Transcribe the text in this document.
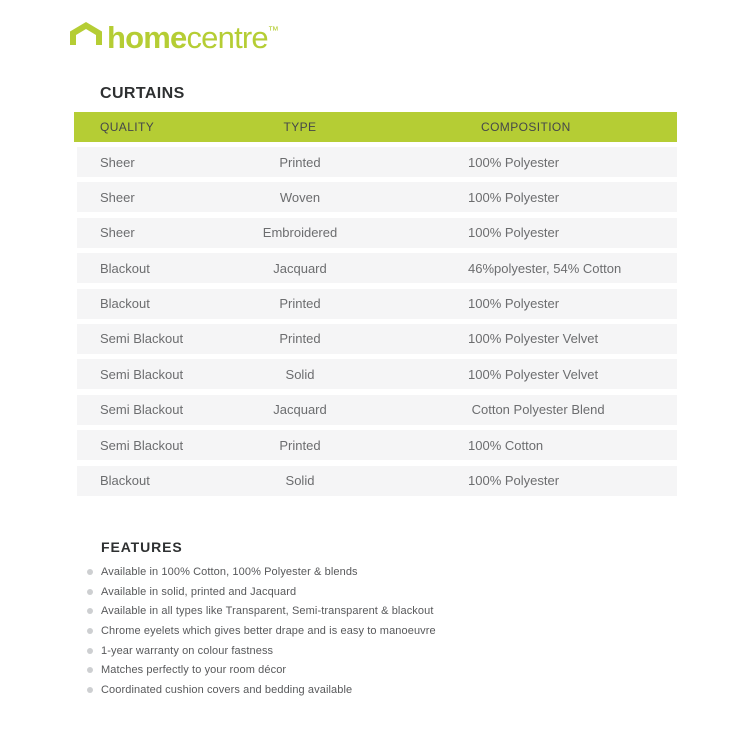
homecentre™
CURTAINS
QUALITY	TYPE	COMPOSITION
Sheer	Printed	100% Polyester
Sheer	Woven	100% Polyester
Sheer	Embroidered	100% Polyester
Blackout	Jacquard	46%polyester, 54% Cotton
Blackout	Printed	100% Polyester
Semi Blackout	Printed	100% Polyester Velvet
Semi Blackout	Solid	100% Polyester Velvet
Semi Blackout	Jacquard	Cotton Polyester Blend
Semi Blackout	Printed	100% Cotton
Blackout	Solid	100% Polyester
FEATURES
Available in 100% Cotton, 100% Polyester & blends
Available in solid, printed and Jacquard
Available in all types like Transparent, Semi-transparent & blackout
Chrome eyelets which gives better drape and is easy to manoeuvre
1-year warranty on colour fastness
Matches perfectly to your room décor
Coordinated cushion covers and bedding available
